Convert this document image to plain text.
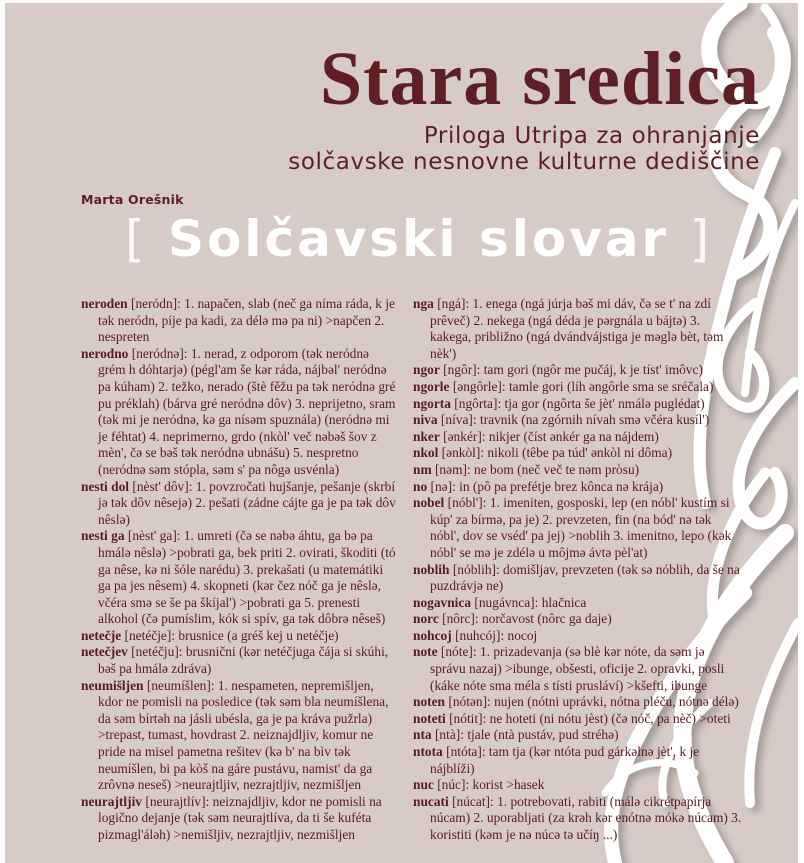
Stara sredica
Priloga Utripa za ohranjanje
solčavske nesnovne kulturne dediščine
Marta Orešnik
[ Solčavski slovar ]

neroden [neródn]: 1. napačen, slab (neč ga níma ráda, k je tək neródn, píje pa kadi, za délə mə pa ni) >napčen 2. nespreten

nerodno [neródnə]: 1. nerad, z odporom (tək neródnə grém h dóhtarjə) (pégl'am še kər ráda, nájbəl' neródnə pa kúham) 2. težko, nerado (štè fěžu pa tək neródnə gré pu préklah) (bárva gré neródnə dôv) 3. neprijetno, sram (tək mi je neródnə, kə ga nísəm spuznála) (neródnə mi je féhtat) 4. neprimerno, grdo (nkòl' več nəbəš šov z mèn', čə se bəš tək neródnə ubnášu) 5. nespretno (neródnə səm stópla, səm s' pa nôgə usvénla)

nesti dol [nèst' dôv]: 1. povzročati hujšanje, pešanje (skrbí jə tək dôv nêsejə) 2. pešati (zádne cájte ga je pa tək dôv nêslə)

nesti ga [nèst' ga]: 1. umreti (čə se nəbə áhtu, ga bə pa hmálə nêslə) >pobrati ga, bek priti 2. ovirati, škoditi (tó ga nêse, kə ni šóle narédu) 3. prekašati (u matemátiki ga pa jes nêsem) 4. skopneti (kər čez nóč ga je nêslə, včéra smə se še pa škíjal') >pobrati ga 5. prenesti alkohol (čə pumíslim, kók si spív, ga tək dôbrə nêseš)

netečje [netéčje]: brusnice (a gréš kej u netéčje)

netečjev [netéčju]: brusnični (kər netéčjuga čája si skúhi, bəš pa hmálə zdráva)

neumišljen [neumíšlen]: 1. nespameten, nepremišljen, kdor ne pomisli na posledice (tək səm bla neumíšlena, da səm bírtəh na jásli ubésla, ga je pa kráva pužrla) >trepast, tumast, hovdrast 2. neiznajdljiv, komur ne pride na misel pametna rešitev (kə b' na bìv tək neumíšlen, bi pa kòš na gáre pustávu, namist' da ga zrôvnə neseš) >neurajtljiv, nezrajtljiv, nezmišljen

neurajtljiv [neurajtlív]: neiznajdljiv, kdor ne pomisli na logično dejanje (tək səm neurajtlíva, da ti še kuféta pizmagl'áləh) >nemišljiv, nezrajtljiv, nezmišljen

nga [ngá]: 1. enega (ngá júrja bəš mi dáv, čə se t' na zdí prêveč) 2. nekega (ngá déda je pərgnála u bájtə) 3. kakega, približno (ngá dvándvájstiga je məglə bèt, təm nèk')

ngor [ngôr]: tam gori (ngôr me pučáj, k je tíst' imôvc)

ngorle [əngôrle]: tamle gori (líh əngôrle sma se sréčala)

ngorta [ngôrta]: tja gor (ngôrta še jèt' nmálə puglédat)

niva [níva]: travnik (na zgórnih nívah smə včéra kusíl')

nker [ənkér]: nikjer (číst ənkér ga na nájdem)

nkol [ənkòl]: nikoli (têbe pa túd' ənkòl ni dôma)

nm [nəm]: ne bom (neč več te nəm pròsu)

no [nə]: in (pô pa prefétje brez kônca nə krája)

nobel [nóbl']: 1. imeniten, gosposki, lep (en nóbl' kustím si kúp' za bírmə, pa je) 2. prevzeten, fin (na bód' nə tək nóbl', dov se vséd' pa jej) >noblih 3. imenitno, lepo (kək nóbl' se mə je zdélə u môjmə ávtə pèl'at)

noblih [nóblih]: domišljav, prevzeten (tək sə nóblih, da še na puzdrávjə ne)

nogavnica [nugávnca]: hlačnica

norc [nôrc]: norčavost (nôrc ga daje)

nohcoj [nuhcój]: nocoj

note [nóte]: 1. prizadevanja (sə blè kər nóte, da səm jə správu nazaj) >ibunge, obšesti, oficije 2. opravki, posli (káke nóte sma méla s tísti prusláví) >kšefti, ibunge

noten [nótən]: nujen (nótni uprávki, nótna pléču, nótnə délə)

noteti [nótit]: ne hoteti (ni nótu jèst) (čə nóč, pa nèč) >oteti

nta [ntà]: tjale (ntà pustáv, pud stréhə)

ntota [ntóta]: tam tja (kər ntóta pud gárkəlnə jèt', k je nájblíži)

nuc [núc]: korist >hasek

nucati [núcat]: 1. potrebovati, rabiti (málə cikrétpapírja núcam) 2. uporabljati (za krəh kər enótnə mókə núcam) 3. koristiti (kəm je nə núcə tə učíŋ ...)
